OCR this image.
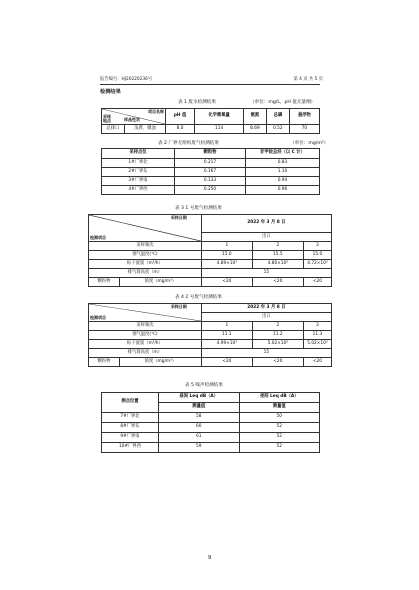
报告编号：HJ20220236号	第 4 页 共 5 页
检测结果
表 1 废水检测结果	（单位：mg/L，pH 值无量纲）
项目名称
采样
地点 样品性状		pH 值	化学需氧量	氨氮	总磷	悬浮物
总排口	浅黄、微浊	8.0	114	8.69	0.52	70
表 2 厂界无组织废气检测结果	（单位：mg/m³）
采样点位	颗粒物	非甲烷总烃（以 C 计）
1#厂界北	0.217	0.83
2#厂界东	0.167	1.10
3#厂界南	0.133	0.94
4#厂界西	0.250	0.96
表 3 1 号废气检测结果
采样日期
检测项目		2022 年 3 月 8 日		
		出口		
采样频次		1	2	3
烟气温度(℃)		15.0	15.5	15.0
标干流量（m³/h）		4.89×10³	4.80×10³	4.72×10³
排气筒高度（m）		15		
颗粒物	浓度（mg/m³）	<20	<20	<20
表 4 2 号废气检测结果
采样日期
检测项目		2022 年 3 月 8 日		
		出口		
采样频次		1	2	3
烟气温度(℃)		11.1	11.2	11.3
标干流量（m³/h）		4.99×10³	5.02×10³	5.02×10³
排气筒高度（m）		15		
颗粒物	浓度（mg/m³）	<20	<20	<20
表 5 噪声检测结果
测点位置	昼间 Leq dB（A）	夜间 Leq dB（A）
	测量值	测量值
7#厂界北	58	50
8#厂界东	60	52
9#厂界南	61	52
10#厂界西	59	52
9
